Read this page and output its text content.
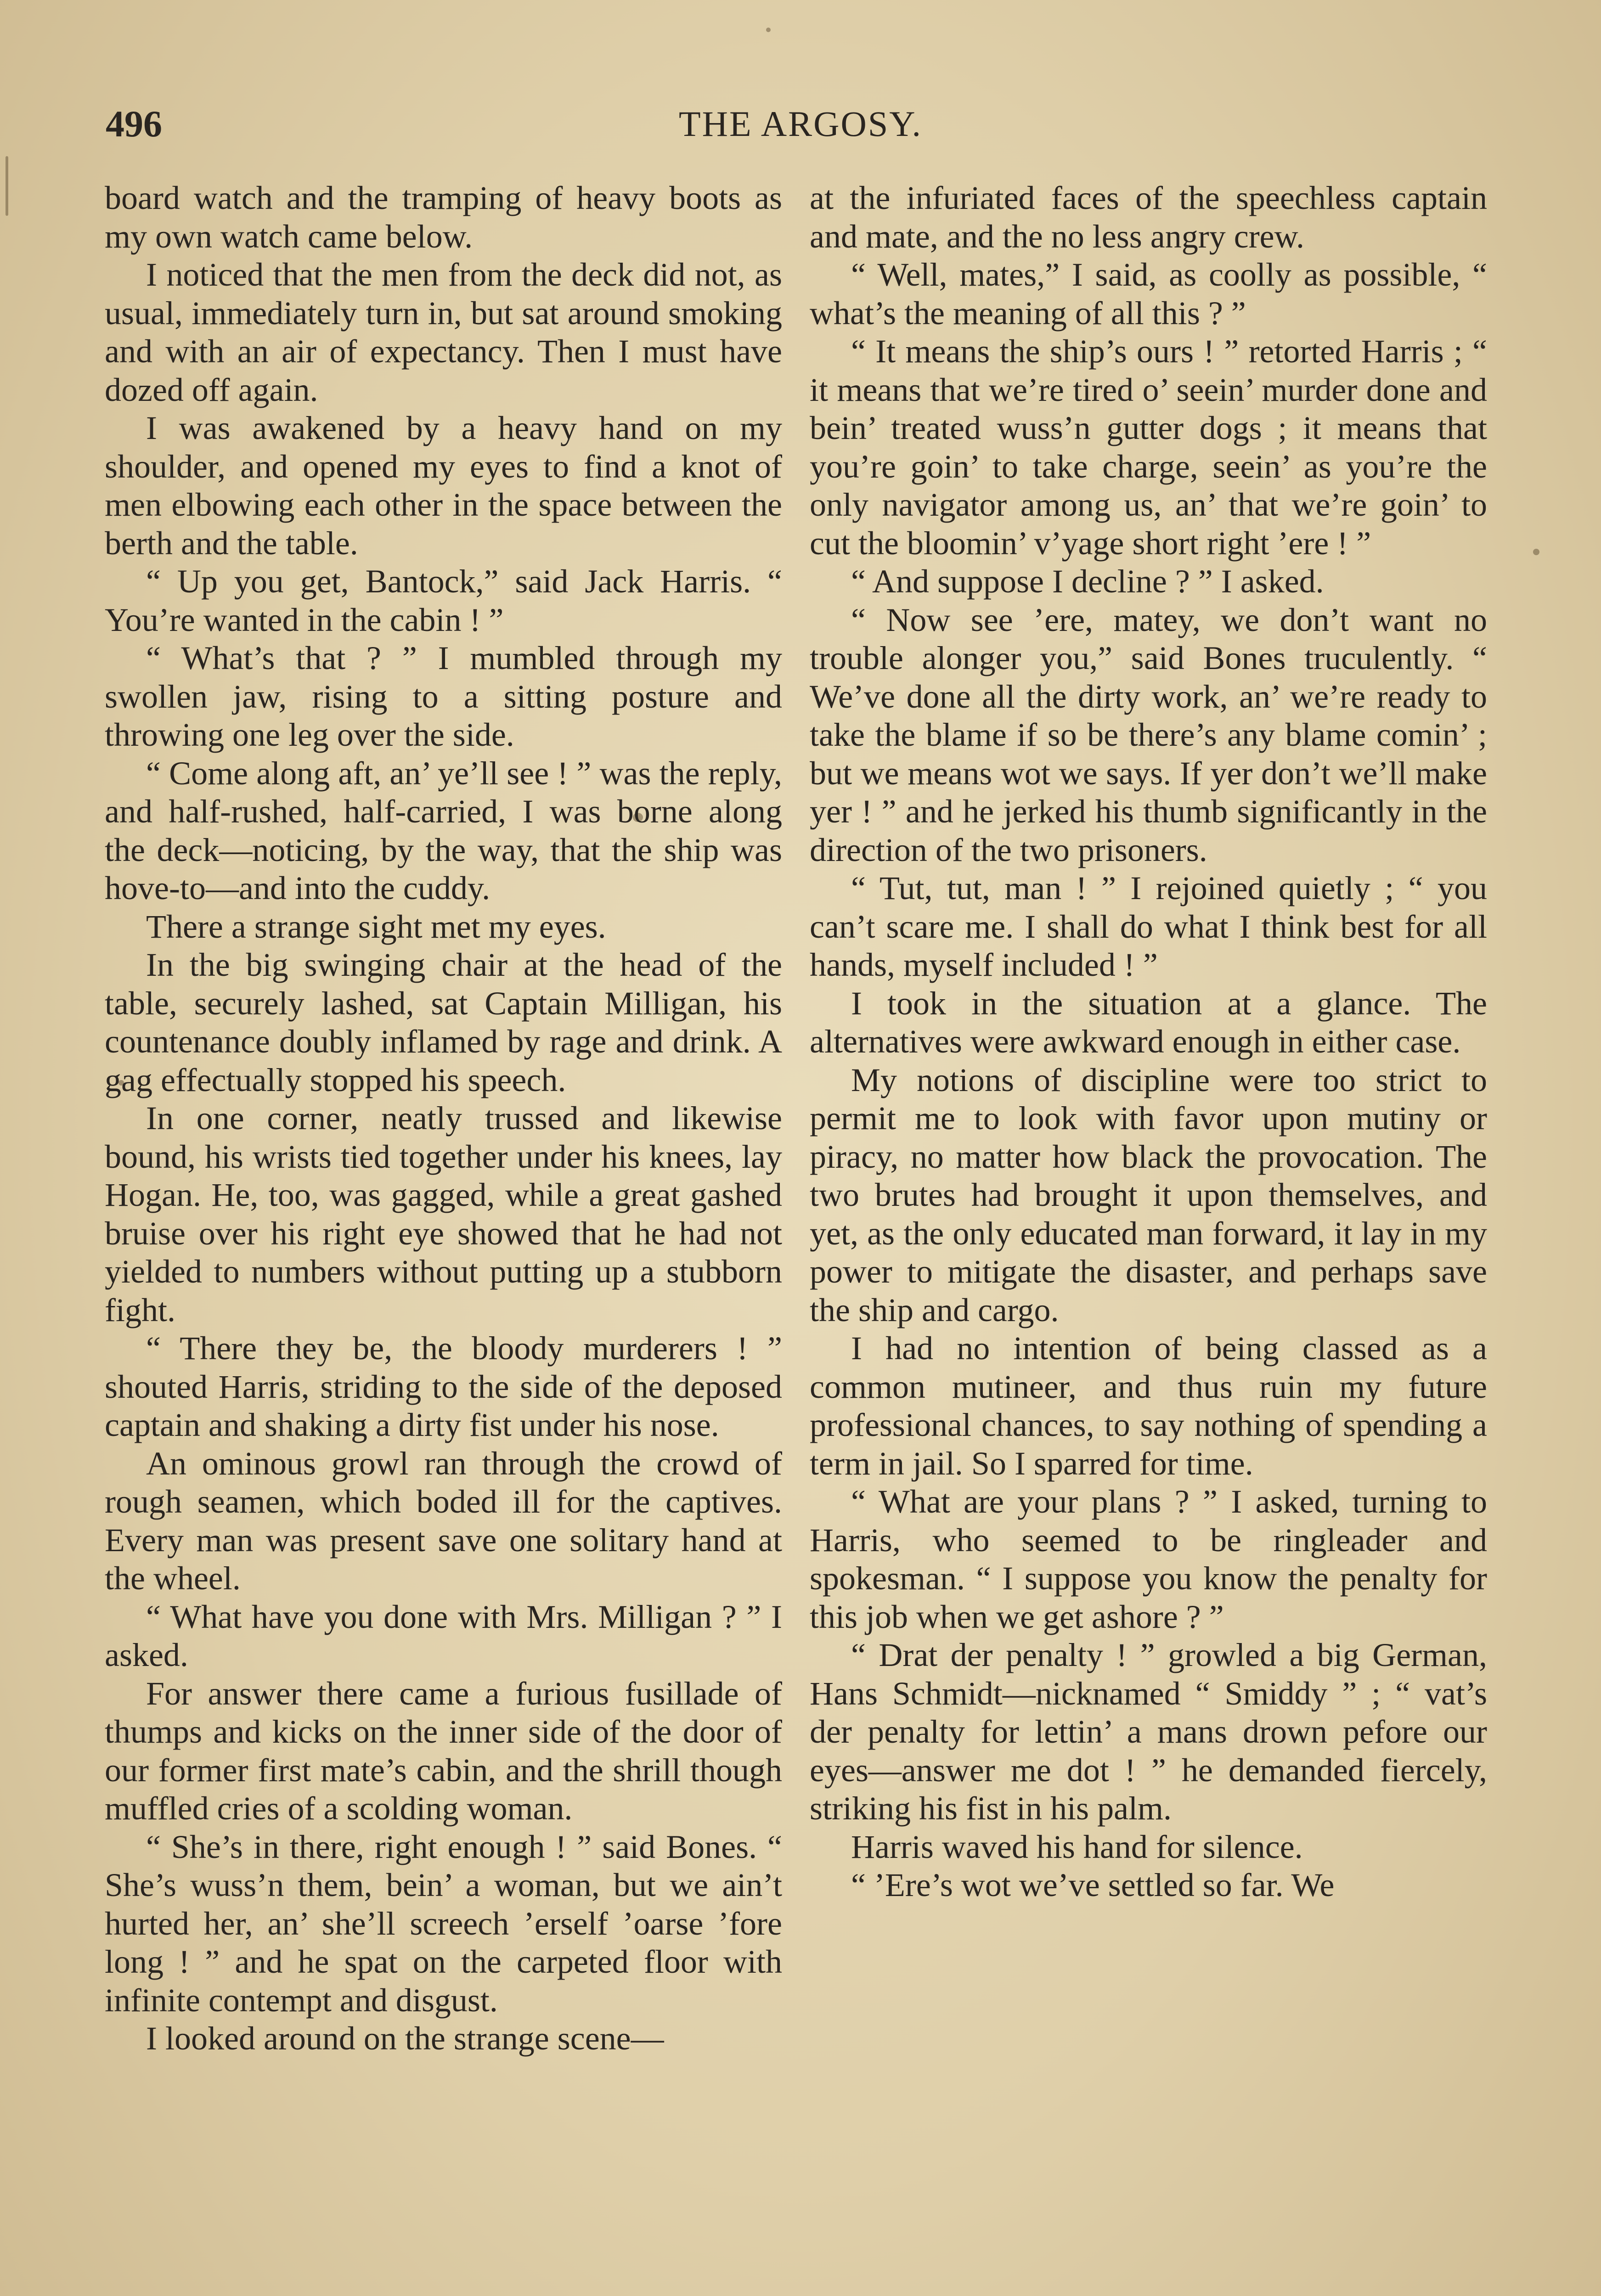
496	THE ARGOSY.

board watch and the tramping of heavy boots as my own watch came below.

I noticed that the men from the deck did not, as usual, immediately turn in, but sat around smoking and with an air of expectancy. Then I must have dozed off again.

I was awakened by a heavy hand on my shoulder, and opened my eyes to find a knot of men elbowing each other in the space between the berth and the table.

“ Up you get, Bantock,” said Jack Harris. “ You’re wanted in the cabin ! ”

“ What’s that ? ” I mumbled through my swollen jaw, rising to a sitting posture and throwing one leg over the side.

“ Come along aft, an’ ye’ll see ! ” was the reply, and half-rushed, half-carried, I was borne along the deck—noticing, by the way, that the ship was hove-to—and into the cuddy.

There a strange sight met my eyes.

In the big swinging chair at the head of the table, securely lashed, sat Captain Milligan, his countenance doubly inflamed by rage and drink. A gag effectually stopped his speech.

In one corner, neatly trussed and likewise bound, his wrists tied together under his knees, lay Hogan. He, too, was gagged, while a great gashed bruise over his right eye showed that he had not yielded to numbers without putting up a stubborn fight.

“ There they be, the bloody murderers ! ” shouted Harris, striding to the side of the deposed captain and shaking a dirty fist under his nose.

An ominous growl ran through the crowd of rough seamen, which boded ill for the captives. Every man was present save one solitary hand at the wheel.

“ What have you done with Mrs. Milligan ? ” I asked.

For answer there came a furious fusillade of thumps and kicks on the inner side of the door of our former first mate’s cabin, and the shrill though muffled cries of a scolding woman.

“ She’s in there, right enough ! ” said Bones. “ She’s wuss’n them, bein’ a woman, but we ain’t hurted her, an’ she’ll screech ’erself ’oarse ’fore long ! ” and he spat on the carpeted floor with infinite contempt and disgust.

I looked around on the strange scene—

at the infuriated faces of the speechless captain and mate, and the no less angry crew.

“ Well, mates,” I said, as coolly as possible, “ what’s the meaning of all this ? ”

“ It means the ship’s ours ! ” retorted Harris ; “ it means that we’re tired o’ seein’ murder done and bein’ treated wuss’n gutter dogs ; it means that you’re goin’ to take charge, seein’ as you’re the only navigator among us, an’ that we’re goin’ to cut the bloomin’ v’yage short right ’ere ! ”

“ And suppose I decline ? ” I asked.

“ Now see ’ere, matey, we don’t want no trouble alonger you,” said Bones truculently. “ We’ve done all the dirty work, an’ we’re ready to take the blame if so be there’s any blame comin’ ; but we means wot we says. If yer don’t we’ll make yer ! ” and he jerked his thumb significantly in the direction of the two prisoners.

“ Tut, tut, man ! ” I rejoined quietly ; “ you can’t scare me. I shall do what I think best for all hands, myself included ! ”

I took in the situation at a glance. The alternatives were awkward enough in either case.

My notions of discipline were too strict to permit me to look with favor upon mutiny or piracy, no matter how black the provocation. The two brutes had brought it upon themselves, and yet, as the only educated man forward, it lay in my power to mitigate the disaster, and perhaps save the ship and cargo.

I had no intention of being classed as a common mutineer, and thus ruin my future professional chances, to say nothing of spending a term in jail. So I sparred for time.

“ What are your plans ? ” I asked, turning to Harris, who seemed to be ringleader and spokesman. “ I suppose you know the penalty for this job when we get ashore ? ”

“ Drat der penalty ! ” growled a big German, Hans Schmidt—nicknamed “ Smiddy ” ; “ vat’s der penalty for lettin’ a mans drown pefore our eyes—answer me dot ! ” he demanded fiercely, striking his fist in his palm.

Harris waved his hand for silence.

“ ’Ere’s wot we’ve settled so far. We
